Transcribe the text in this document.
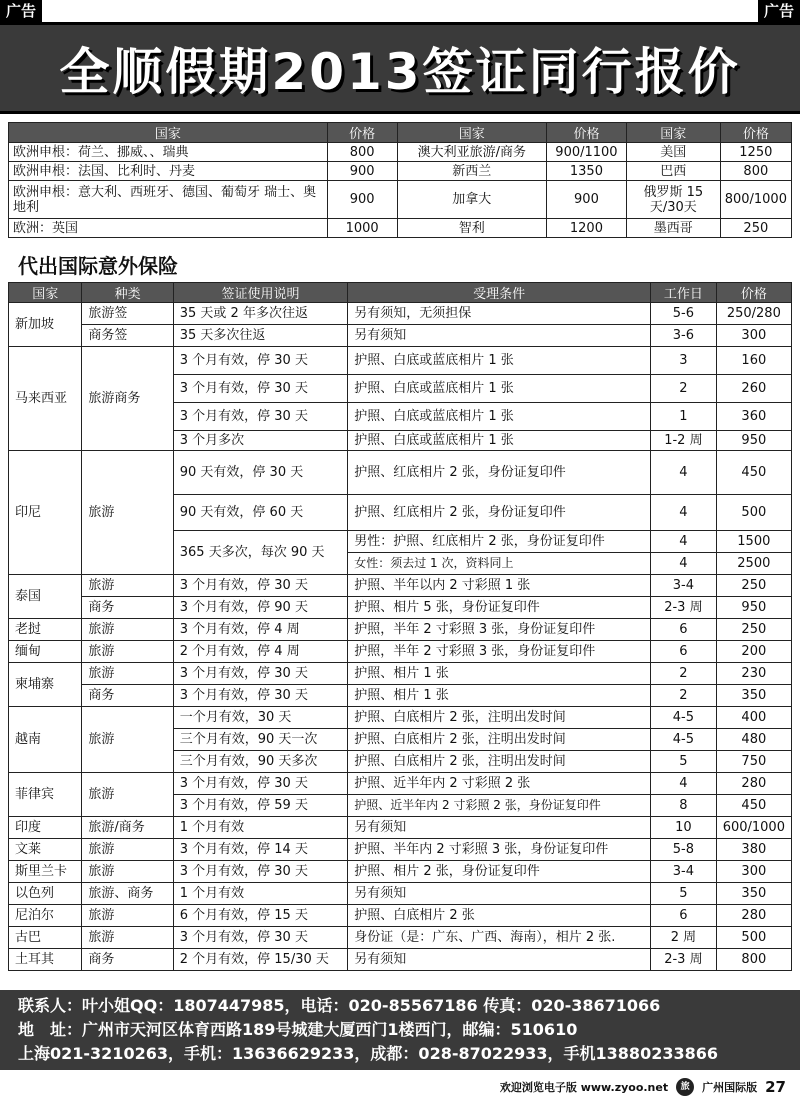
广告	广告
全顺假期2013签证同行报价
国家	价格	国家	价格	国家	价格
欧洲申根：荷兰、挪威、、瑞典	800	澳大利亚旅游/商务	900/1100	美国	1250
欧洲申根：法国、比利时、丹麦	900	新西兰	1350	巴西	800
欧洲申根：意大利、西班牙、德国、葡萄牙 瑞士、奥地利	900	加拿大	900	俄罗斯 15天/30天	800/1000
欧洲：英国	1000	智利	1200	墨西哥	250
代出国际意外保险
国家	种类	签证使用说明	受理条件	工作日	价格
新加坡	旅游签	35 天或 2 年多次往返	另有须知，无须担保	5-6	250/280
	商务签	35 天多次往返	另有须知	3-6	300
马来西亚	旅游商务	3 个月有效，停 30 天	护照、白底或蓝底相片 1 张	3	160
		3 个月有效，停 30 天	护照、白底或蓝底相片 1 张	2	260
		3 个月有效，停 30 天	护照、白底或蓝底相片 1 张	1	360
		3 个月多次	护照、白底或蓝底相片 1 张	1-2 周	950
印尼	旅游	90 天有效，停 30 天	护照、红底相片 2 张，身份证复印件	4	450
		90 天有效，停 60 天	护照、红底相片 2 张，身份证复印件	4	500
		365 天多次，每次 90 天	男性：护照、红底相片 2 张，身份证复印件	4	1500
			女性：须去过 1 次，资料同上	4	2500
泰国	旅游	3 个月有效，停 30 天	护照、半年以内 2 寸彩照 1 张	3-4	250
	商务	3 个月有效，停 90 天	护照、相片 5 张，身份证复印件	2-3 周	950
老挝	旅游	3 个月有效，停 4 周	护照，半年 2 寸彩照 3 张，身份证复印件	6	250
缅甸	旅游	2 个月有效，停 4 周	护照，半年 2 寸彩照 3 张，身份证复印件	6	200
柬埔寨	旅游	3 个月有效，停 30 天	护照、相片 1 张	2	230
	商务	3 个月有效，停 30 天	护照、相片 1 张	2	350
越南	旅游	一个月有效，30 天	护照、白底相片 2 张，注明出发时间	4-5	400
		三个月有效，90 天一次	护照、白底相片 2 张，注明出发时间	4-5	480
		三个月有效，90 天多次	护照、白底相片 2 张，注明出发时间	5	750
菲律宾	旅游	3 个月有效，停 30 天	护照、近半年内 2 寸彩照 2 张	4	280
		3 个月有效，停 59 天	护照、近半年内 2 寸彩照 2 张，身份证复印件	8	450
印度	旅游/商务	1 个月有效	另有须知	10	600/1000
文莱	旅游	3 个月有效，停 14 天	护照、半年内 2 寸彩照 3 张，身份证复印件	5-8	380
斯里兰卡	旅游	3 个月有效，停 30 天	护照、相片 2 张，身份证复印件	3-4	300
以色列	旅游、商务	1 个月有效	另有须知	5	350
尼泊尔	旅游	6 个月有效，停 15 天	护照、白底相片 2 张	6	280
古巴	旅游	3 个月有效，停 30 天	身份证（是：广东、广西、海南），相片 2 张.	2 周	500
土耳其	商务	2 个月有效，停 15/30 天	另有须知	2-3 周	800
联系人：叶小姐QQ：1807447985，电话：020-85567186 传真：020-38671066
地　址：广州市天河区体育西路189号城建大厦西门1楼西门，邮编：510610
上海021-3210263，手机：13636629233，成都：028-87022933，手机13880233866
欢迎浏览电子版 www.zyoo.net	旅	广州国际版 27
